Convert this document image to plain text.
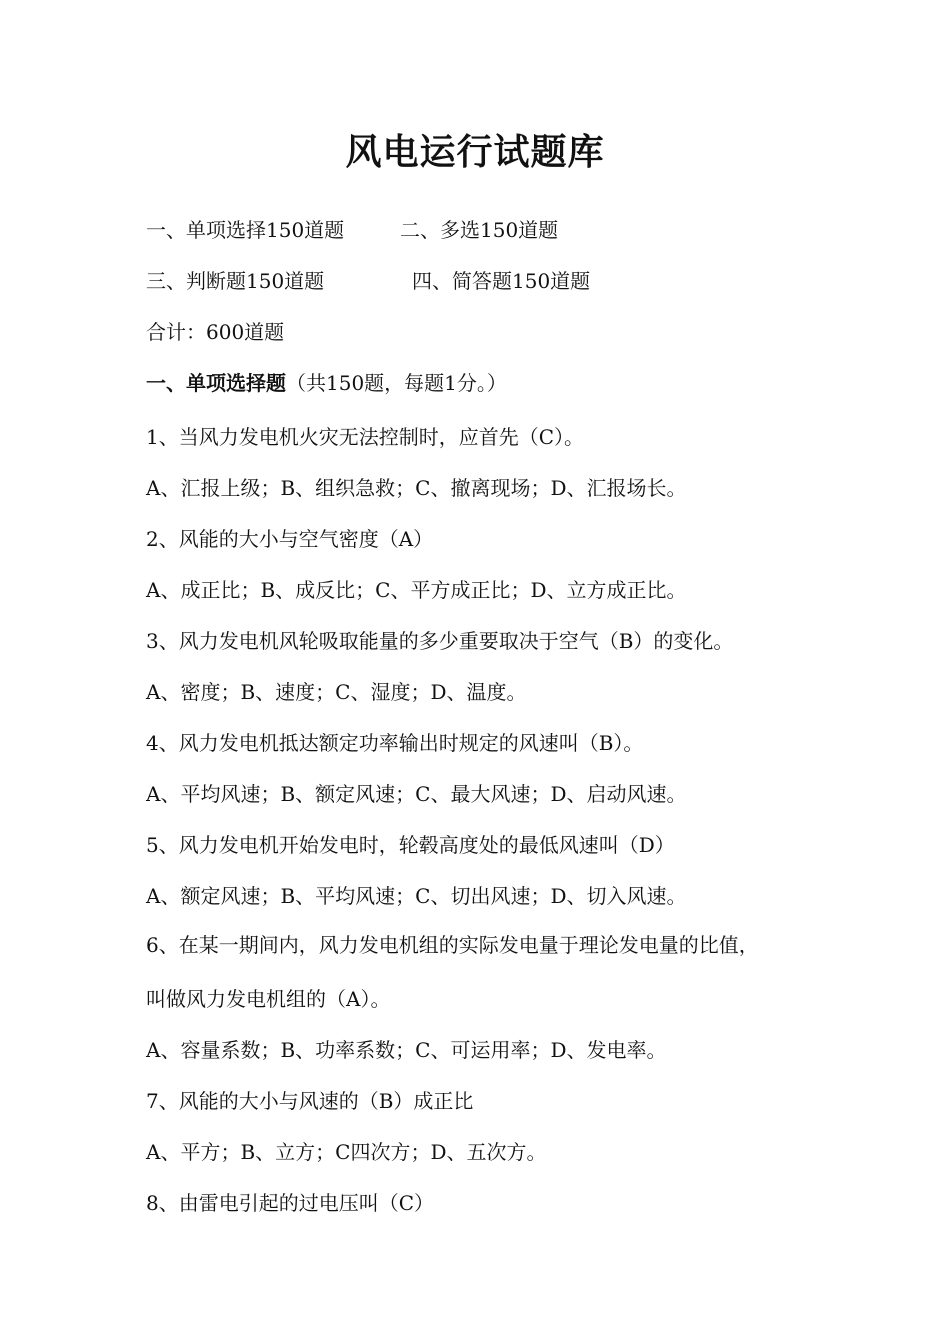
风电运行试题库
一、单项选择150道题	二、多选150道题
三、判断题150道题	四、简答题150道题
合计：600道题
一、单项选择题（共150题，每题1分。）
1、当风力发电机火灾无法控制时，应首先（C）。
A、汇报上级；B、组织急救；C、撤离现场；D、汇报场长。
2、风能的大小与空气密度（A）
A、成正比；B、成反比；C、平方成正比；D、立方成正比。
3、风力发电机风轮吸取能量的多少重要取决于空气（B）的变化。
A、密度；B、速度；C、湿度；D、温度。
4、风力发电机抵达额定功率输出时规定的风速叫（B）。
A、平均风速；B、额定风速；C、最大风速；D、启动风速。
5、风力发电机开始发电时，轮毂高度处的最低风速叫（D）
A、额定风速；B、平均风速；C、切出风速；D、切入风速。
6、在某一期间内，风力发电机组的实际发电量于理论发电量的比值，
叫做风力发电机组的（A）。
A、容量系数；B、功率系数；C、可运用率；D、发电率。
7、风能的大小与风速的（B）成正比
A、平方；B、立方；C四次方；D、五次方。
8、由雷电引起的过电压叫（C）
